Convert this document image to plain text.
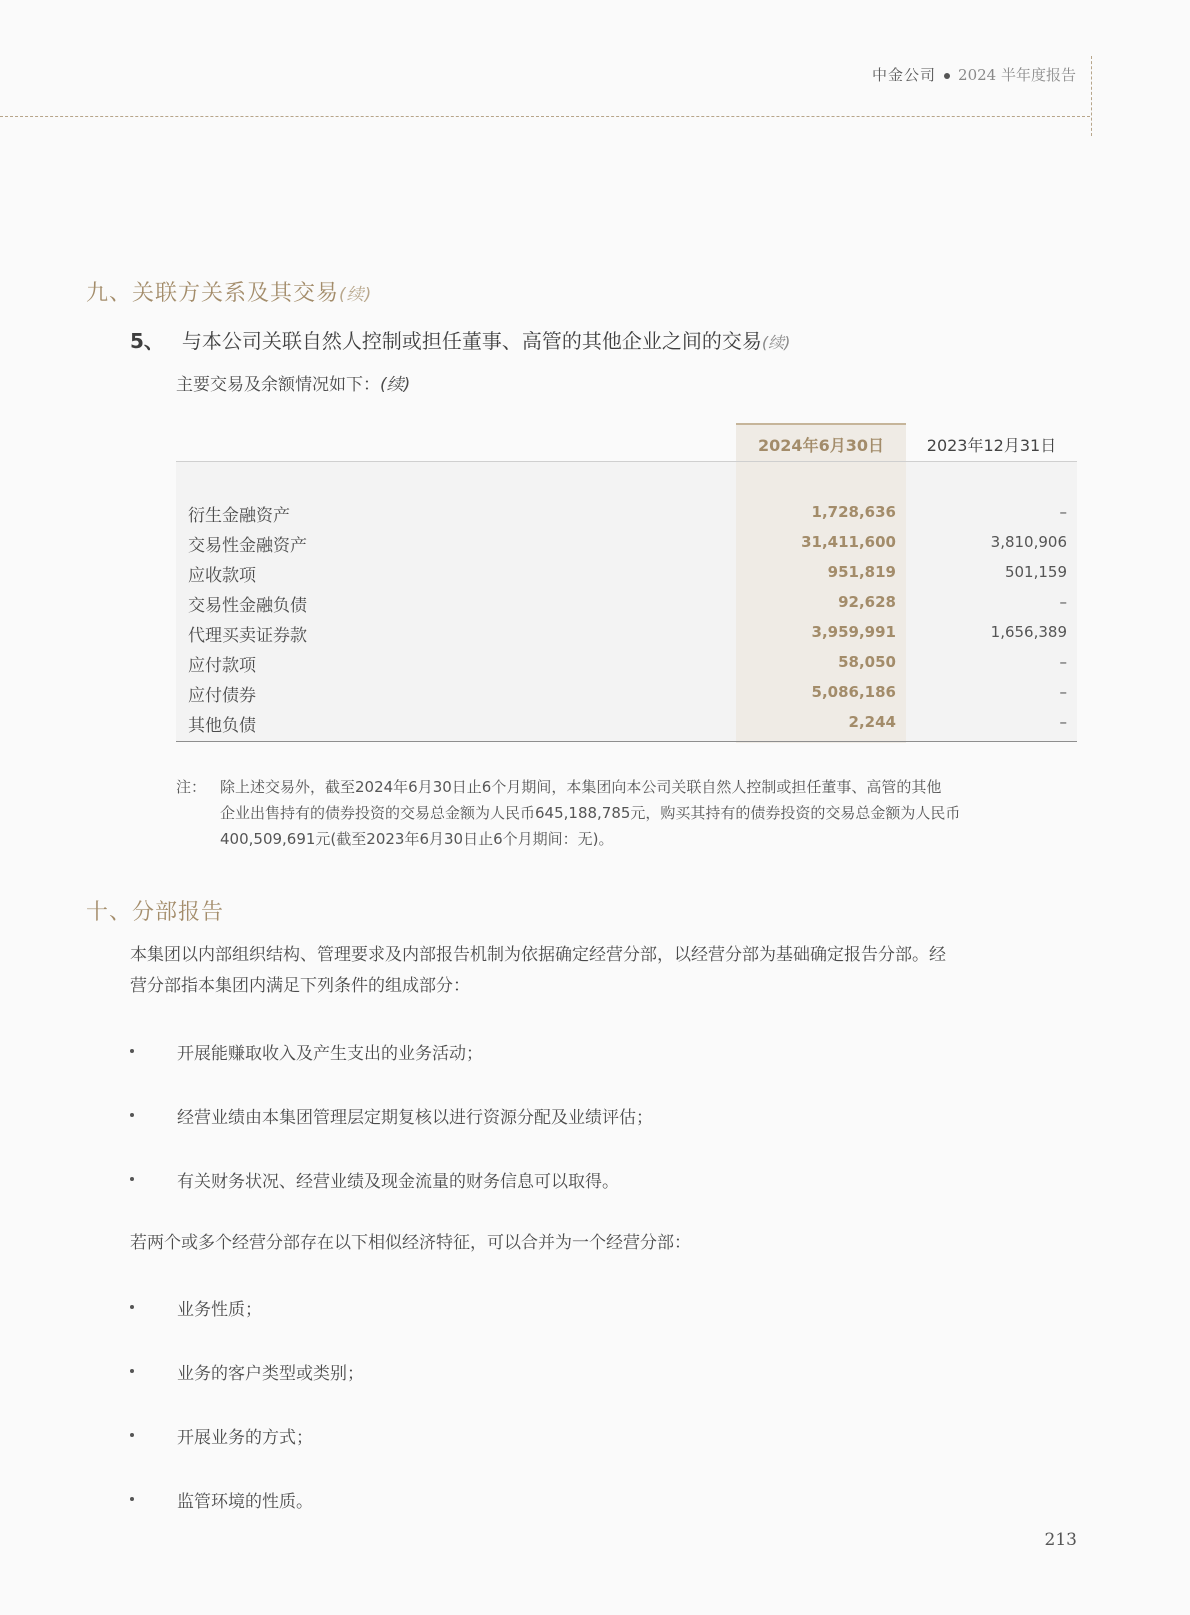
中金公司 2024 半年度报告
九、关联方关系及其交易(续)
5、 与本公司关联自然人控制或担任董事、高管的其他企业之间的交易(续)
主要交易及余额情况如下：(续)
2024年6月30日	2023年12月31日
衍生金融资产	1,728,636	–
交易性金融资产	31,411,600	3,810,906
应收款项	951,819	501,159
交易性金融负债	92,628	–
代理买卖证券款	3,959,991	1,656,389
应付款项	58,050	–
应付债券	5,086,186	–
其他负债	2,244	–
注： 除上述交易外，截至2024年6月30日止6个月期间，本集团向本公司关联自然人控制或担任董事、高管的其他
企业出售持有的债券投资的交易总金额为人民币645,188,785元，购买其持有的债券投资的交易总金额为人民币
400,509,691元(截至2023年6月30日止6个月期间：无)。
十、分部报告
本集团以内部组织结构、管理要求及内部报告机制为依据确定经营分部，以经营分部为基础确定报告分部。经
营分部指本集团内满足下列条件的组成部分：
开展能赚取收入及产生支出的业务活动；
经营业绩由本集团管理层定期复核以进行资源分配及业绩评估；
有关财务状况、经营业绩及现金流量的财务信息可以取得。
若两个或多个经营分部存在以下相似经济特征，可以合并为一个经营分部：
业务性质；
业务的客户类型或类别；
开展业务的方式；
监管环境的性质。
213
